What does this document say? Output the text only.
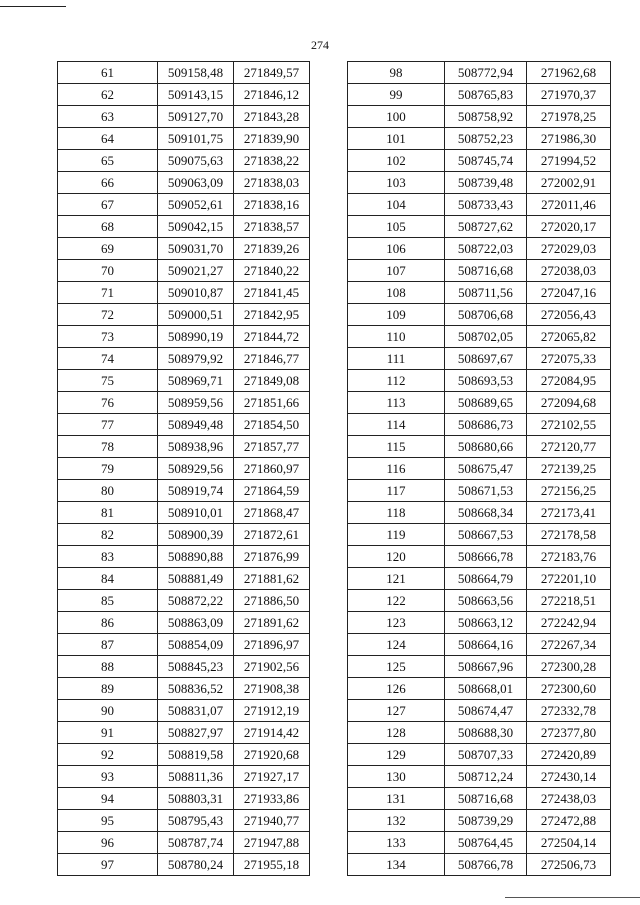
274
61	509158,48	271849,57
62	509143,15	271846,12
63	509127,70	271843,28
64	509101,75	271839,90
65	509075,63	271838,22
66	509063,09	271838,03
67	509052,61	271838,16
68	509042,15	271838,57
69	509031,70	271839,26
70	509021,27	271840,22
71	509010,87	271841,45
72	509000,51	271842,95
73	508990,19	271844,72
74	508979,92	271846,77
75	508969,71	271849,08
76	508959,56	271851,66
77	508949,48	271854,50
78	508938,96	271857,77
79	508929,56	271860,97
80	508919,74	271864,59
81	508910,01	271868,47
82	508900,39	271872,61
83	508890,88	271876,99
84	508881,49	271881,62
85	508872,22	271886,50
86	508863,09	271891,62
87	508854,09	271896,97
88	508845,23	271902,56
89	508836,52	271908,38
90	508831,07	271912,19
91	508827,97	271914,42
92	508819,58	271920,68
93	508811,36	271927,17
94	508803,31	271933,86
95	508795,43	271940,77
96	508787,74	271947,88
97	508780,24	271955,18
98	508772,94	271962,68
99	508765,83	271970,37
100	508758,92	271978,25
101	508752,23	271986,30
102	508745,74	271994,52
103	508739,48	272002,91
104	508733,43	272011,46
105	508727,62	272020,17
106	508722,03	272029,03
107	508716,68	272038,03
108	508711,56	272047,16
109	508706,68	272056,43
110	508702,05	272065,82
111	508697,67	272075,33
112	508693,53	272084,95
113	508689,65	272094,68
114	508686,73	272102,55
115	508680,66	272120,77
116	508675,47	272139,25
117	508671,53	272156,25
118	508668,34	272173,41
119	508667,53	272178,58
120	508666,78	272183,76
121	508664,79	272201,10
122	508663,56	272218,51
123	508663,12	272242,94
124	508664,16	272267,34
125	508667,96	272300,28
126	508668,01	272300,60
127	508674,47	272332,78
128	508688,30	272377,80
129	508707,33	272420,89
130	508712,24	272430,14
131	508716,68	272438,03
132	508739,29	272472,88
133	508764,45	272504,14
134	508766,78	272506,73
